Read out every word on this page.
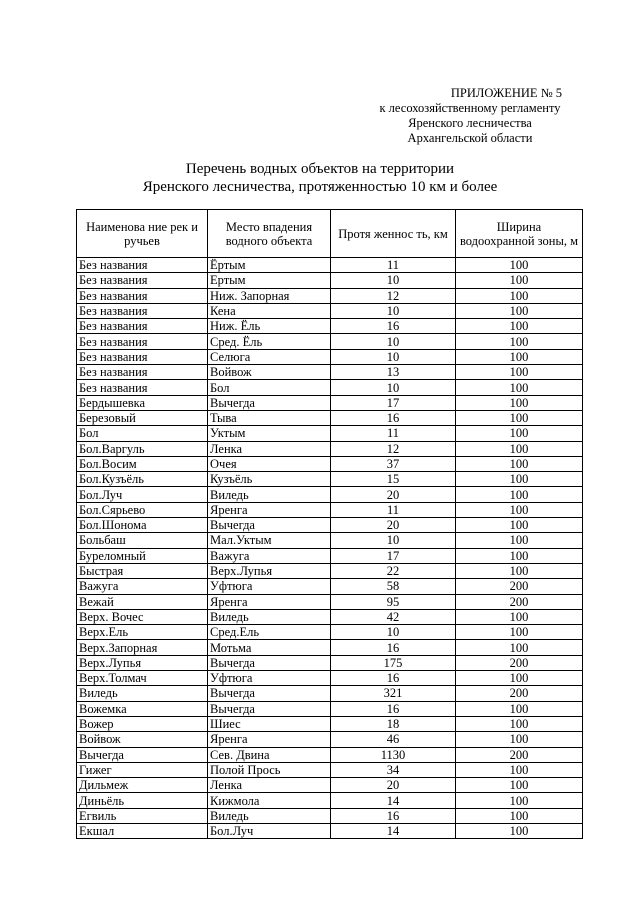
ПРИЛОЖЕНИЕ № 5
к лесохозяйственному регламенту
Яренского лесничества
Архангельской области
Перечень водных объектов на территории
Яренского лесничества, протяженностью 10 км и более
Наименова ние рек и ручьев	Место впадения водного объекта	Протя женнос ть, км	Ширина водоохранной зоны, м
Без названия	Ёртым	11	100
Без названия	Ертым	10	100
Без названия	Ниж. Запорная	12	100
Без названия	Кена	10	100
Без названия	Ниж. Ёль	16	100
Без названия	Сред. Ёль	10	100
Без названия	Селюга	10	100
Без названия	Войвож	13	100
Без названия	Бол	10	100
Бердышевка	Вычегда	17	100
Березовый	Тыва	16	100
Бол	Уктым	11	100
Бол.Варгуль	Ленка	12	100
Бол.Восим	Очея	37	100
Бол.Кузъёль	Кузъёль	15	100
Бол.Луч	Виледь	20	100
Бол.Сярьево	Яренга	11	100
Бол.Шонома	Вычегда	20	100
Больбаш	Мал.Уктым	10	100
Буреломный	Важуга	17	100
Быстрая	Верх.Лупья	22	100
Важуга	Уфтюга	58	200
Вежай	Яренга	95	200
Верх. Вочес	Виледь	42	100
Верх.Ель	Сред.Ель	10	100
Верх.Запорная	Мотьма	16	100
Верх.Лупья	Вычегда	175	200
Верх.Толмач	Уфтюга	16	100
Виледь	Вычегда	321	200
Вожемка	Вычегда	16	100
Вожер	Шиес	18	100
Войвож	Яренга	46	100
Вычегда	Сев. Двина	1130	200
Гижег	Полой Прось	34	100
Дильмеж	Ленка	20	100
Диньёль	Кижмола	14	100
Егвиль	Виледь	16	100
Екшал	Бол.Луч	14	100
